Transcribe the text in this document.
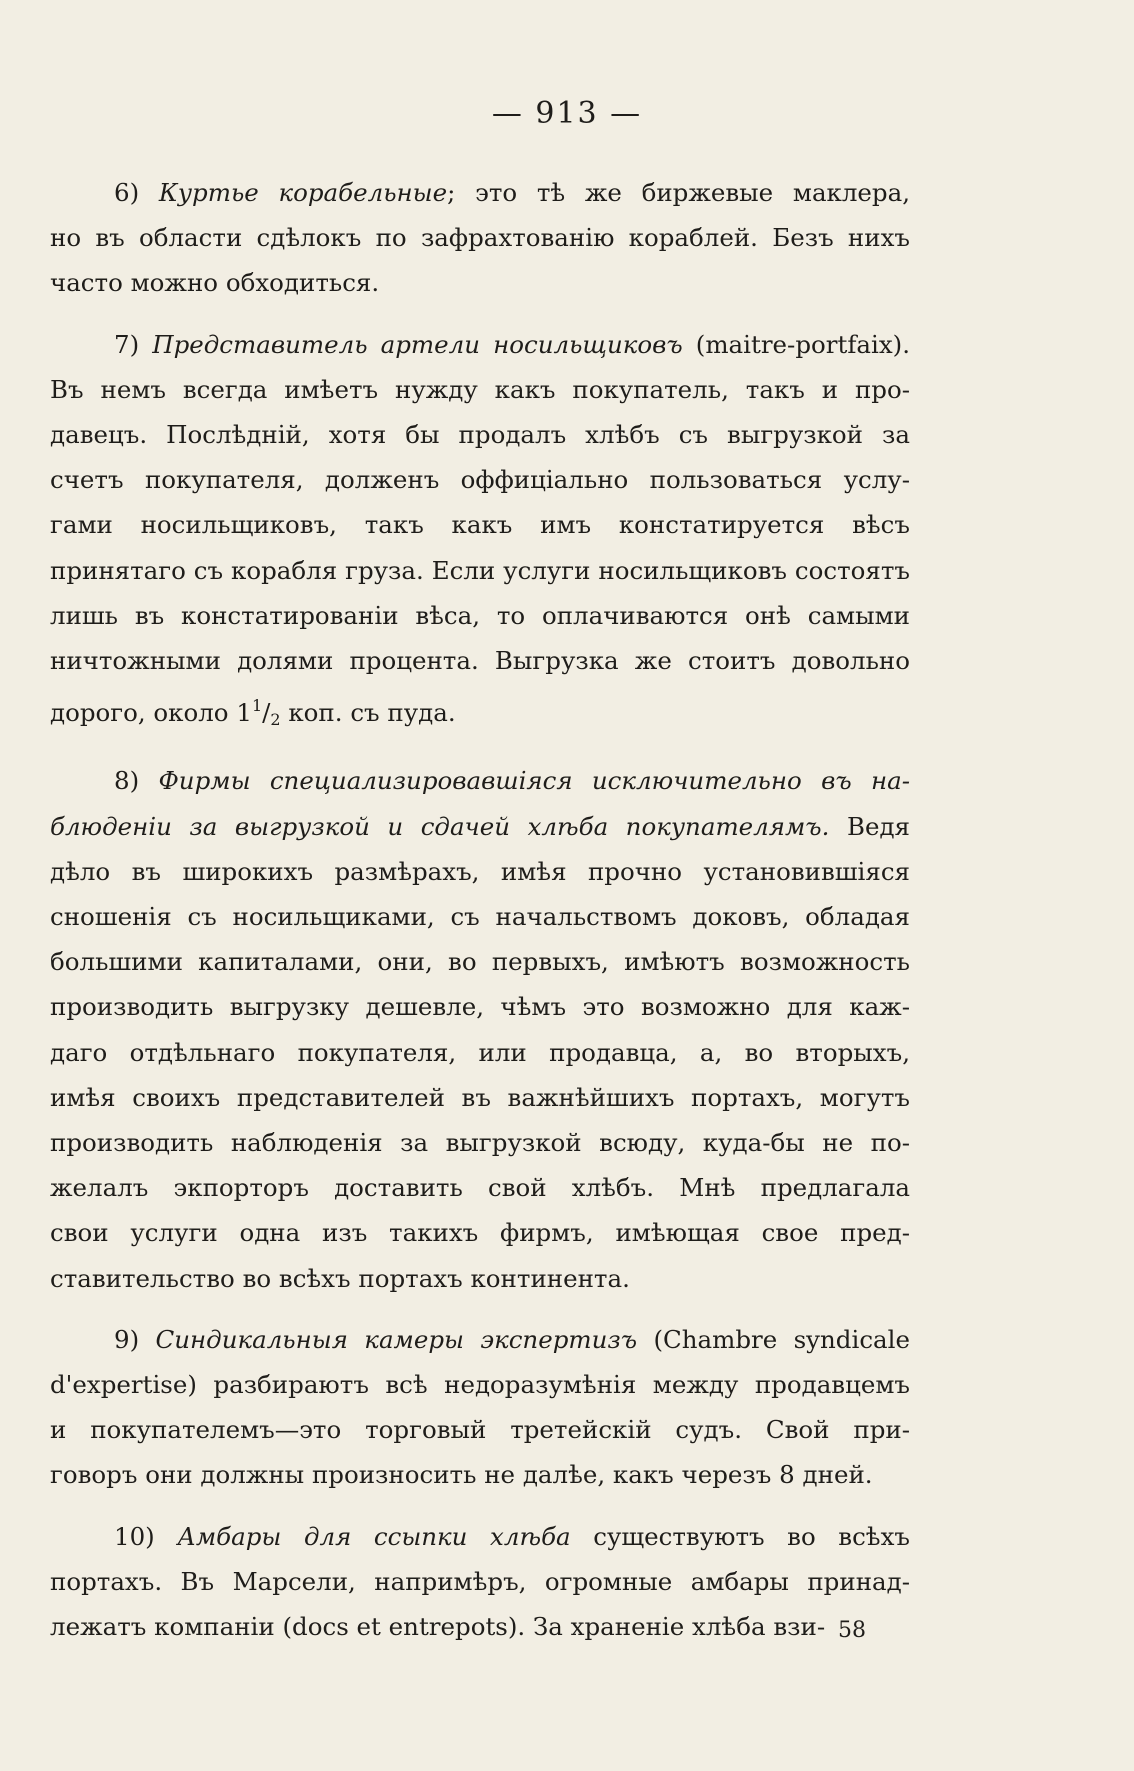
— 913 —
6) Куртье корабельные; это тѣ же биржевые маклера,
но въ области сдѣлокъ по зафрахтованію кораблей. Безъ нихъ
часто можно обходиться.
7) Представитель артели носильщиковъ (maitre-portfaix).
Въ немъ всегда имѣетъ нужду какъ покупатель, такъ и про-
давецъ. Послѣдній, хотя бы продалъ хлѣбъ съ выгрузкой за
счетъ покупателя, долженъ оффиціально пользоваться услу-
гами носильщиковъ, такъ какъ имъ констатируется вѣсъ
принятаго съ корабля груза. Если услуги носильщиковъ состоятъ
лишь въ констатированіи вѣса, то оплачиваются онѣ самыми
ничтожными долями процента. Выгрузка же стоитъ довольно
дорого, около $1^1/_2$ коп. съ пуда.
8) Фирмы специализировавшіяся исключительно въ на-
блюденіи за выгрузкой и сдачей хлѣба покупателямъ. Ведя
дѣло въ широкихъ размѣрахъ, имѣя прочно установившіяся
сношенія съ носильщиками, съ начальствомъ доковъ, обладая
большими капиталами, они, во первыхъ, имѣютъ возможность
производить выгрузку дешевле, чѣмъ это возможно для каж-
даго отдѣльнаго покупателя, или продавца, а, во вторыхъ,
имѣя своихъ представителей въ важнѣйшихъ портахъ, могутъ
производить наблюденія за выгрузкой всюду, куда-бы не по-
желалъ экпорторъ доставить свой хлѣбъ. Мнѣ предлагала
свои услуги одна изъ такихъ фирмъ, имѣющая свое пред-
ставительство во всѣхъ портахъ континента.
9) Синдикальныя камеры экспертизъ (Chambre syndicale
d'expertise) разбираютъ всѣ недоразумѣнія между продавцемъ
и покупателемъ—это торговый третейскій судъ. Свой при-
говоръ они должны произносить не далѣе, какъ черезъ 8 дней.
10) Амбары для ссыпки хлѣба существуютъ во всѣхъ
портахъ. Въ Марсели, напримѣръ, огромные амбары принад-
лежатъ компаніи (docs et entrepots). За храненіе хлѣба взи- 58
